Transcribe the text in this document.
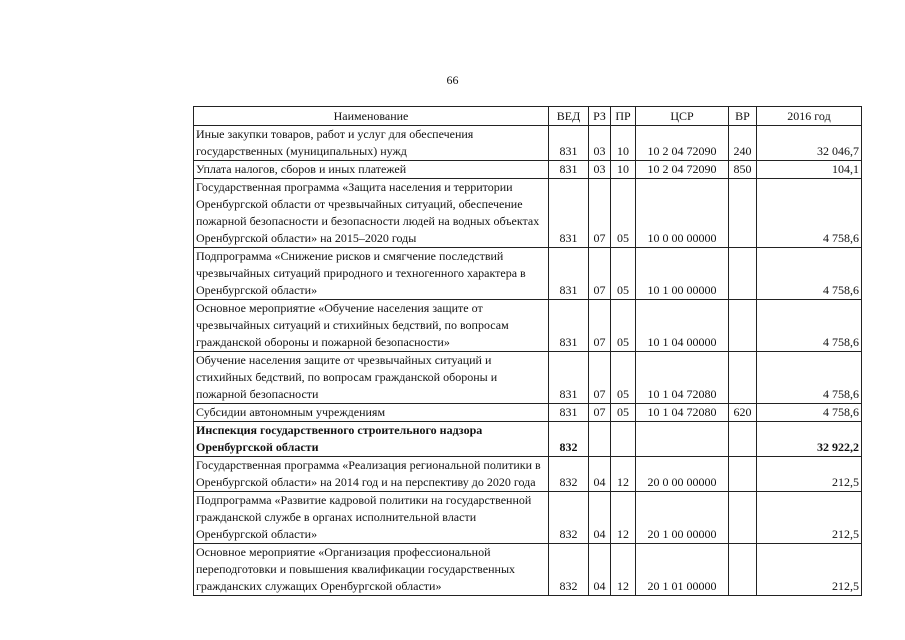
66
Наименование	ВЕД	РЗ	ПР	ЦСР	ВР	2016 год
Иные закупки товаров, работ и услуг для обеспечения государственных (муниципальных) нужд	831	03	10	10 2 04 72090	240	32 046,7
Уплата налогов, сборов и иных платежей	831	03	10	10 2 04 72090	850	104,1
Государственная программа «Защита населения и территории Оренбургской области от чрезвычайных ситуаций, обеспечение пожарной безопасности и безопасности людей на водных объектах Оренбургской области» на 2015–2020 годы	831	07	05	10 0 00 00000		4 758,6
Подпрограмма «Снижение рисков и смягчение последствий чрезвычайных ситуаций природного и техногенного характера в Оренбургской области»	831	07	05	10 1 00 00000		4 758,6
Основное мероприятие «Обучение населения защите от чрезвычайных ситуаций и стихийных бедствий, по вопросам гражданской обороны и пожарной безопасности»	831	07	05	10 1 04 00000		4 758,6
Обучение населения защите от чрезвычайных ситуаций и стихийных бедствий, по вопросам гражданской обороны и пожарной безопасности	831	07	05	10 1 04 72080		4 758,6
Субсидии автономным учреждениям	831	07	05	10 1 04 72080	620	4 758,6
Инспекция государственного строительного надзора Оренбургской области	832					32 922,2
Государственная программа «Реализация региональной политики в Оренбургской области» на 2014 год и на перспективу до 2020 года	832	04	12	20 0 00 00000		212,5
Подпрограмма «Развитие кадровой политики на государственной гражданской службе в органах исполнительной власти Оренбургской области»	832	04	12	20 1 00 00000		212,5
Основное мероприятие «Организация профессиональной переподготовки и повышения квалификации государственных гражданских служащих Оренбургской области»	832	04	12	20 1 01 00000		212,5
